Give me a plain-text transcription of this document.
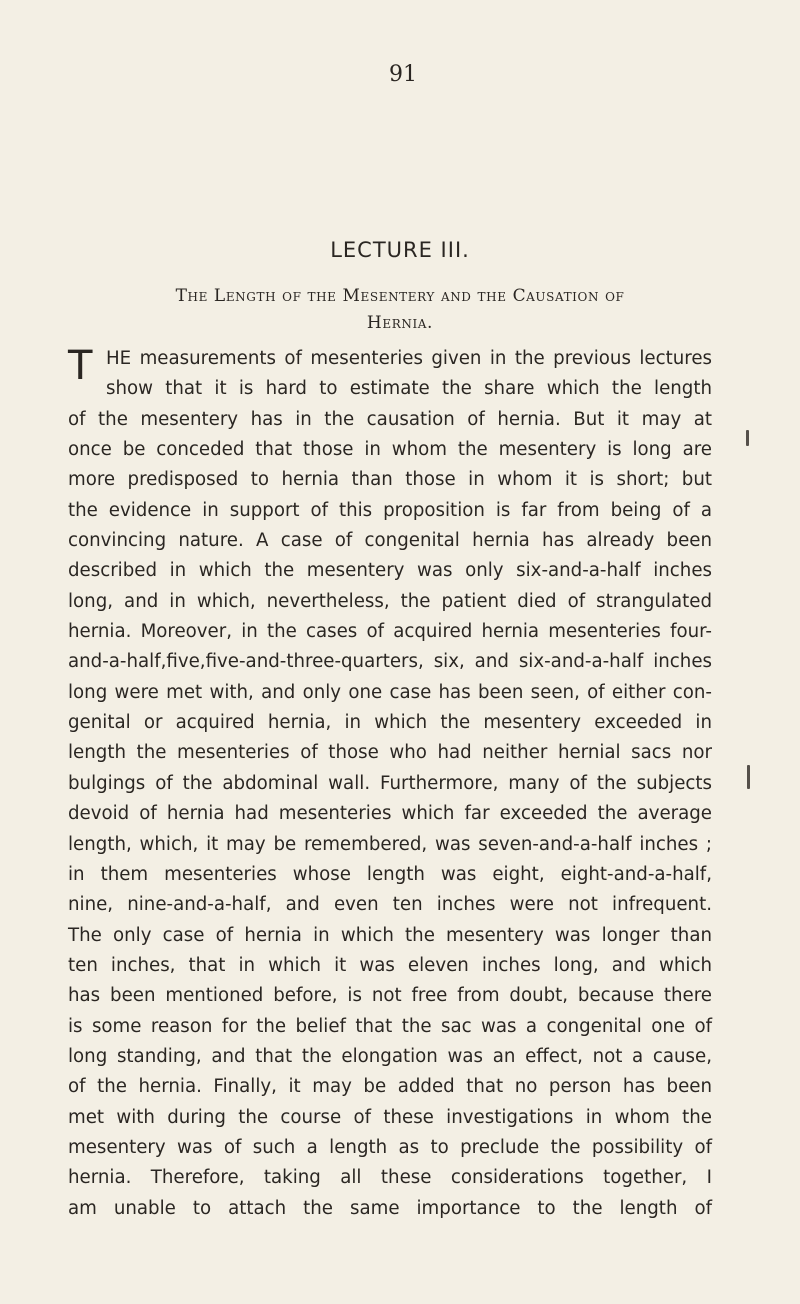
91
LECTURE III.
The Length of the Mesentery and the Causation of
Hernia.
T HE measurements of mesenteries given in the previous lectures
show that it is hard to estimate the share which the length
of the mesentery has in the causation of hernia. But it may at
once be conceded that those in whom the mesentery is long are
more predisposed to hernia than those in whom it is short; but
the evidence in support of this proposition is far from being of a
convincing nature. A case of congenital hernia has already been
described in which the mesentery was only six-and-a-half inches
long, and in which, nevertheless, the patient died of strangulated
hernia. Moreover, in the cases of acquired hernia mesenteries four-
and-a-half,five,five-and-three-quarters, six, and six-and-a-half inches
long were met with, and only one case has been seen, of either con-
genital or acquired hernia, in which the mesentery exceeded in
length the mesenteries of those who had neither hernial sacs nor
bulgings of the abdominal wall. Furthermore, many of the subjects
devoid of hernia had mesenteries which far exceeded the average
length, which, it may be remembered, was seven-and-a-half inches ;
in them mesenteries whose length was eight, eight-and-a-half,
nine, nine-and-a-half, and even ten inches were not infrequent.
The only case of hernia in which the mesentery was longer than
ten inches, that in which it was eleven inches long, and which
has been mentioned before, is not free from doubt, because there
is some reason for the belief that the sac was a congenital one of
long standing, and that the elongation was an effect, not a cause,
of the hernia. Finally, it may be added that no person has been
met with during the course of these investigations in whom the
mesentery was of such a length as to preclude the possibility of
hernia. Therefore, taking all these considerations together, I
am unable to attach the same importance to the length of
